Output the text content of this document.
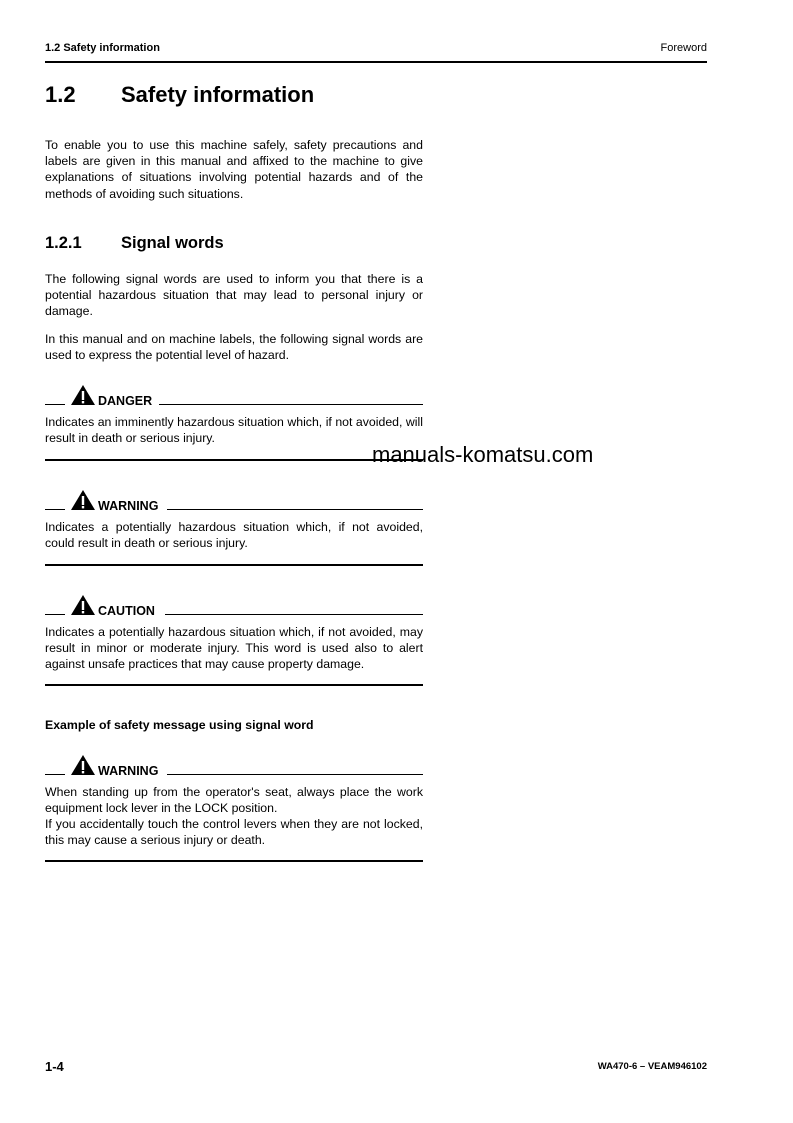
1.2 Safety information	Foreword
1.2 Safety information
To enable you to use this machine safely, safety precautions and labels are given in this manual and affixed to the machine to give explanations of situations involving potential hazards and of the methods of avoiding such situations.
1.2.1 Signal words
The following signal words are used to inform you that there is a potential hazardous situation that may lead to personal injury or damage.
In this manual and on machine labels, the following signal words are used to express the potential level of hazard.
DANGER
Indicates an imminently hazardous situation which, if not avoided, will result in death or serious injury.
WARNING
Indicates a potentially hazardous situation which, if not avoided, could result in death or serious injury.
CAUTION
Indicates a potentially hazardous situation which, if not avoided, may result in minor or moderate injury. This word is used also to alert against unsafe practices that may cause property damage.
Example of safety message using signal word
WARNING
When standing up from the operator's seat, always place the work equipment lock lever in the LOCK position.
If you accidentally touch the control levers when they are not locked, this may cause a serious injury or death.
manuals-komatsu.com
1-4	WA470-6 – VEAM946102
